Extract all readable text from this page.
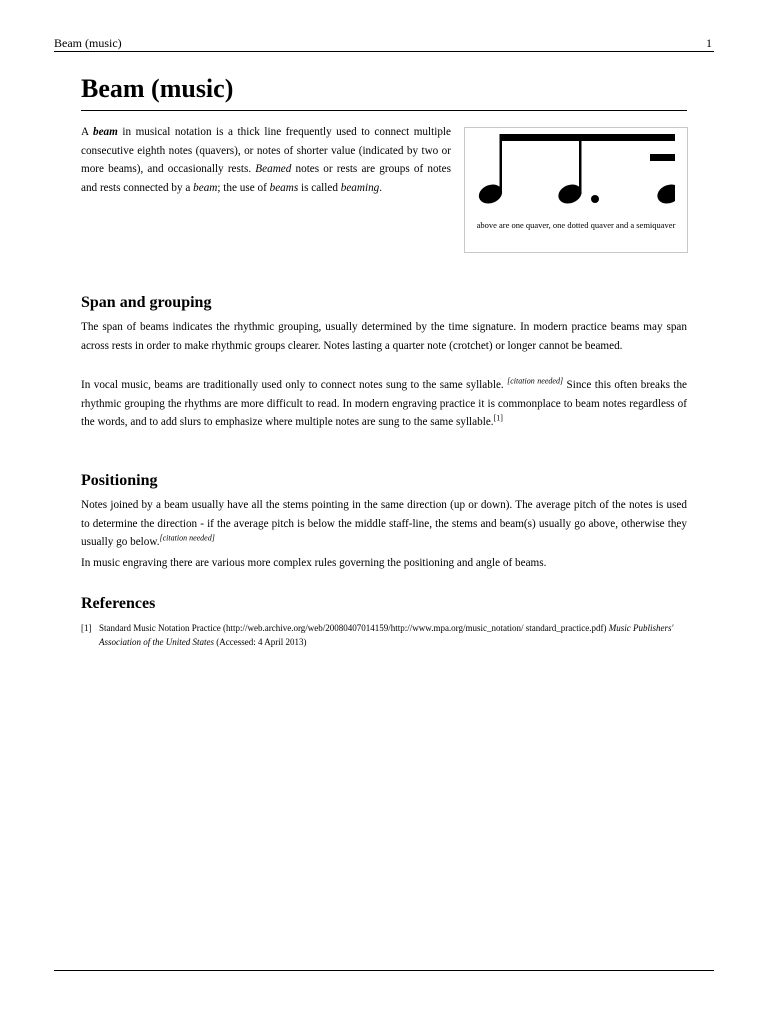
Beam (music)	1
Beam (music)

A beam in musical notation is a thick line frequently used to connect multiple consecutive eighth notes (quavers), or notes of shorter value (indicated by two or more beams), and occasionally rests. Beamed notes or rests are groups of notes and rests connected by a beam; the use of beams is called beaming.

above are one quaver, one dotted quaver and a semiquaver
Span and grouping

The span of beams indicates the rhythmic grouping, usually determined by the time signature. In modern practice beams may span across rests in order to make rhythmic groups clearer. Notes lasting a quarter note (crotchet) or longer cannot be beamed.

In vocal music, beams are traditionally used only to connect notes sung to the same syllable. [citation needed] Since this often breaks the rhythmic grouping the rhythms are more difficult to read. In modern engraving practice it is commonplace to beam notes regardless of the words, and to add slurs to emphasize where multiple notes are sung to the same syllable.[1]

Positioning

Notes joined by a beam usually have all the stems pointing in the same direction (up or down). The average pitch of the notes is used to determine the direction - if the average pitch is below the middle staff-line, the stems and beam(s) usually go above, otherwise they usually go below.[citation needed]

In music engraving there are various more complex rules governing the positioning and angle of beams.

References
[1] Standard Music Notation Practice (http://web.archive.org/web/20080407014159/http://www.mpa.org/music_notation/ standard_practice.pdf) Music Publishers' Association of the United States (Accessed: 4 April 2013)
